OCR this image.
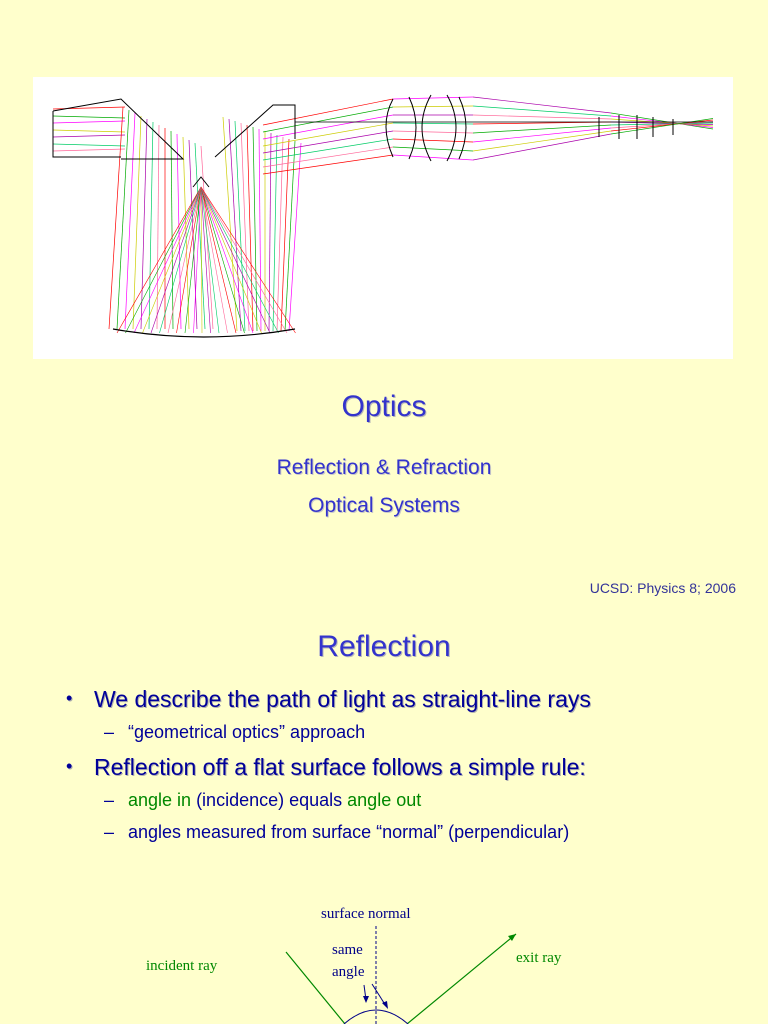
Optics
Reflection & Refraction
Optical Systems
UCSD: Physics 8; 2006
Reflection
• We describe the path of light as straight-line rays
– “geometrical optics” approach
• Reflection off a flat surface follows a simple rule:
– angle in (incidence) equals angle out
– angles measured from surface “normal” (perpendicular)
surface normal
same
angle
incident ray	exit ray
